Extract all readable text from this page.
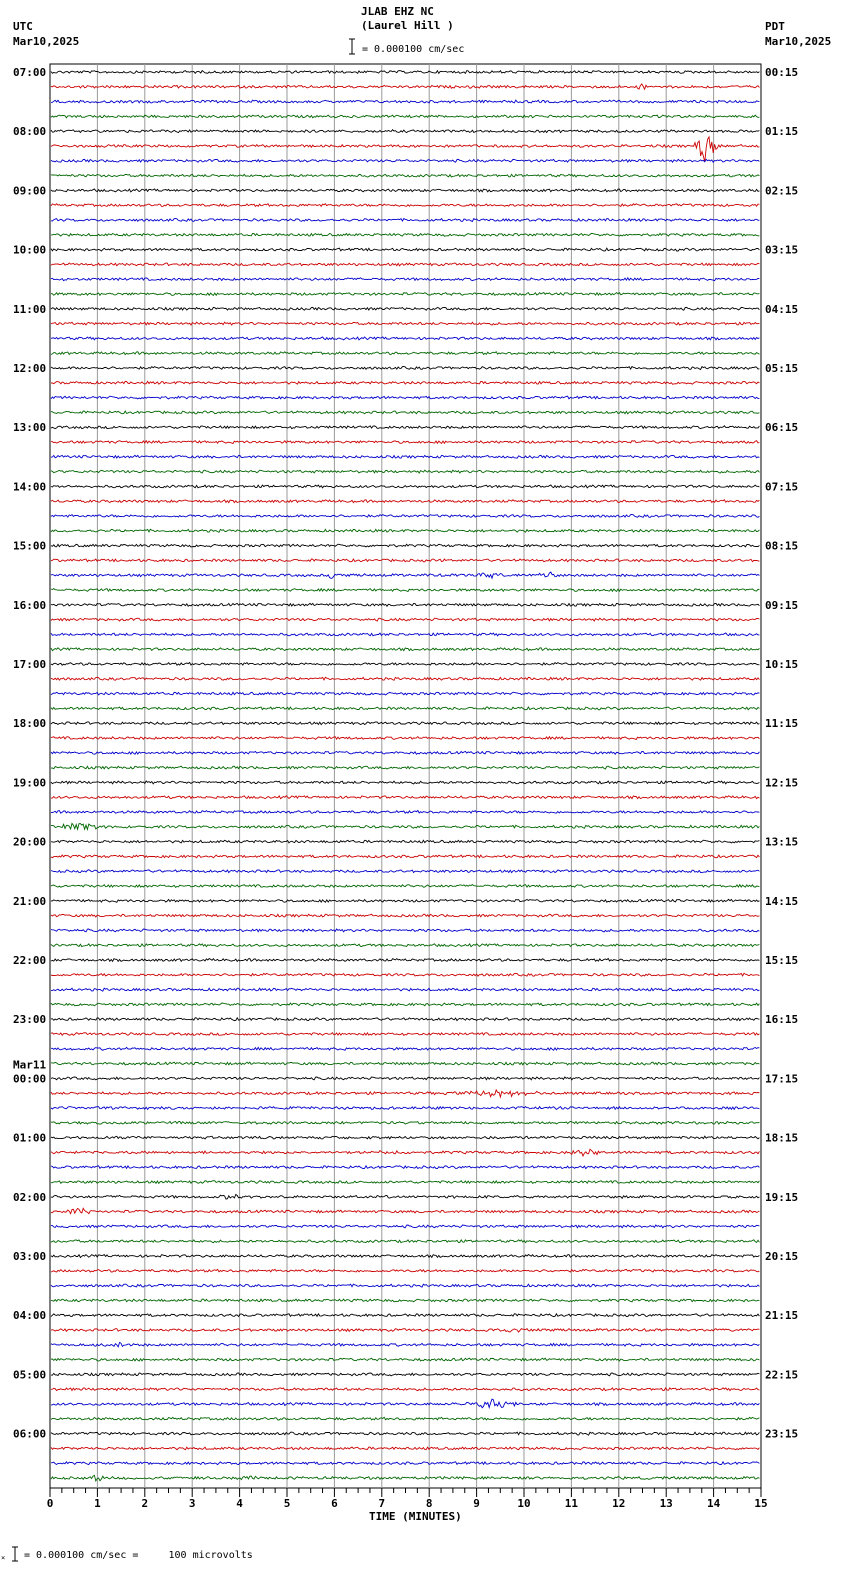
JLAB EHZ NC
(Laurel Hill )
UTC
Mar10,2025
PDT
Mar10,2025
= 0.000100 cm/sec
TIME (MINUTES)
= 0.000100 cm/sec =     100 microvolts
07:00
08:00
09:00
10:00
11:00
12:00
13:00
14:00
15:00
16:00
17:00
18:00
19:00
20:00
21:00
22:00
23:00
00:00
Mar11
01:00
02:00
03:00
04:00
05:00
06:00
00:15
01:15
02:15
03:15
04:15
05:15
06:15
07:15
08:15
09:15
10:15
11:15
12:15
13:15
14:15
15:15
16:15
17:15
18:15
19:15
20:15
21:15
22:15
23:15
0	1	2	3	4	5	6	7	8	9	10	11	12	13	14	15
×
